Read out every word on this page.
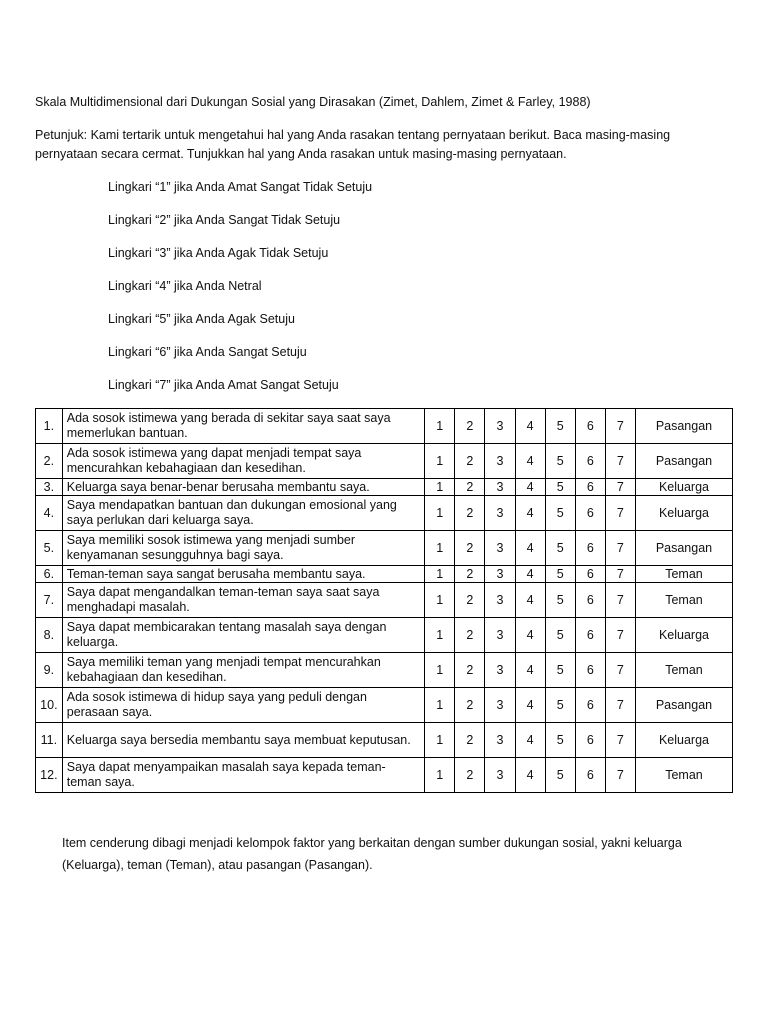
Skala Multidimensional dari Dukungan Sosial yang Dirasakan (Zimet, Dahlem, Zimet & Farley, 1988)
Petunjuk: Kami tertarik untuk mengetahui hal yang Anda rasakan tentang pernyataan berikut. Baca masing-masing pernyataan secara cermat. Tunjukkan hal yang Anda rasakan untuk masing-masing pernyataan.
Lingkari “1” jika Anda Amat Sangat Tidak Setuju
Lingkari “2” jika Anda Sangat Tidak Setuju
Lingkari “3” jika Anda Agak Tidak Setuju
Lingkari “4” jika Anda Netral
Lingkari “5” jika Anda Agak Setuju
Lingkari “6” jika Anda Sangat Setuju
Lingkari “7” jika Anda Amat Sangat Setuju
1.	Ada sosok istimewa yang berada di sekitar saya saat saya memerlukan bantuan.	1	2	3	4	5	6	7	Pasangan
2.	Ada sosok istimewa yang dapat menjadi tempat saya mencurahkan kebahagiaan dan kesedihan.	1	2	3	4	5	6	7	Pasangan
3.	Keluarga saya benar-benar berusaha membantu saya.	1	2	3	4	5	6	7	Keluarga
4.	Saya mendapatkan bantuan dan dukungan emosional yang saya perlukan dari keluarga saya.	1	2	3	4	5	6	7	Keluarga
5.	Saya memiliki sosok istimewa yang menjadi sumber kenyamanan sesungguhnya bagi saya.	1	2	3	4	5	6	7	Pasangan
6.	Teman-teman saya sangat berusaha membantu saya.	1	2	3	4	5	6	7	Teman
7.	Saya dapat mengandalkan teman-teman saya saat saya menghadapi masalah.	1	2	3	4	5	6	7	Teman
8.	Saya dapat membicarakan tentang masalah saya dengan keluarga.	1	2	3	4	5	6	7	Keluarga
9.	Saya memiliki teman yang menjadi tempat mencurahkan kebahagiaan dan kesedihan.	1	2	3	4	5	6	7	Teman
10.	Ada sosok istimewa di hidup saya yang peduli dengan perasaan saya.	1	2	3	4	5	6	7	Pasangan
11.	Keluarga saya bersedia membantu saya membuat keputusan.	1	2	3	4	5	6	7	Keluarga
12.	Saya dapat menyampaikan masalah saya kepada teman-teman saya.	1	2	3	4	5	6	7	Teman
Item cenderung dibagi menjadi kelompok faktor yang berkaitan dengan sumber dukungan sosial, yakni keluarga (Keluarga), teman (Teman), atau pasangan (Pasangan).
